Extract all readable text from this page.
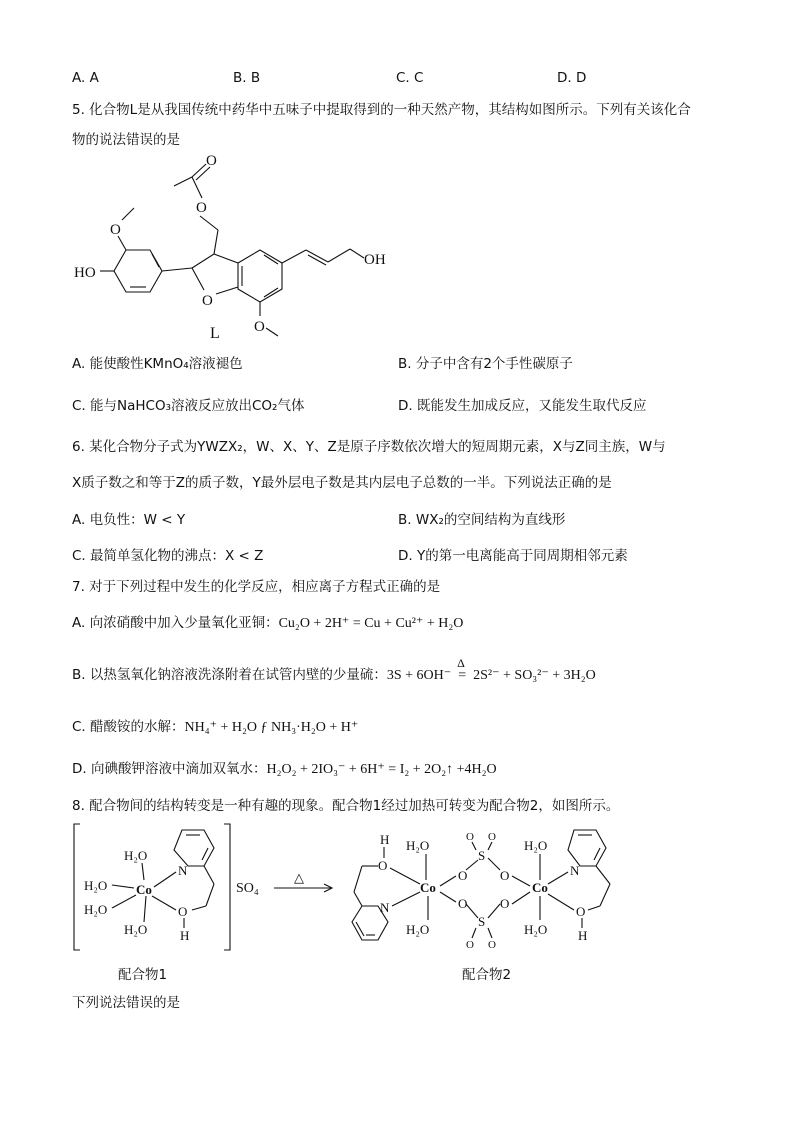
A. A	B. B	C. C	D. D
5. 化合物L是从我国传统中药华中五味子中提取得到的一种天然产物，其结构如图所示。下列有关该化合
物的说法错误的是
O
O
O
HO
O
O
OH
L
A. 能使酸性KMnO₄溶液褪色	B. 分子中含有2个手性碳原子
C. 能与NaHCO₃溶液反应放出CO₂气体	D. 既能发生加成反应，又能发生取代反应
6. 某化合物分子式为YWZX₂，W、X、Y、Z是原子序数依次增大的短周期元素，X与Z同主族，W与
X质子数之和等于Z的质子数，Y最外层电子数是其内层电子总数的一半。下列说法正确的是
A. 电负性：W < Y	B. WX₂的空间结构为直线形
C. 最简单氢化物的沸点：X < Z	D. Y的第一电离能高于同周期相邻元素
7. 对于下列过程中发生的化学反应，相应离子方程式正确的是
A. 向浓硝酸中加入少量氧化亚铜：Cu₂O + 2H⁺ = Cu + Cu²⁺ + H₂O
B. 以热氢氧化钠溶液洗涤附着在试管内壁的少量硫：3S + 6OH⁻ =
Δ
2S²⁻ + SO₃²⁻ + 3H₂O
C. 醋酸铵的水解：NH₄⁺ + H₂O ƒ NH₃·H₂O + H⁺
D. 向碘酸钾溶液中滴加双氧水：H₂O₂ + 2IO₃⁻ + 6H⁺ = I₂ + 2O₂↑ +4H₂O
8. 配合物间的结构转变是一种有趣的现象。配合物1经过加热可转变为配合物2，如图所示。
SO₄
Co
H₂O
H₂O
H₂O
H₂O
N
O
H
配合物1
△
H
O
N
H₂O
H₂O
Co
O
O
S
S
O O
O O
O
O
Co
H₂O
H₂O
N
O
H
配合物2
下列说法错误的是
